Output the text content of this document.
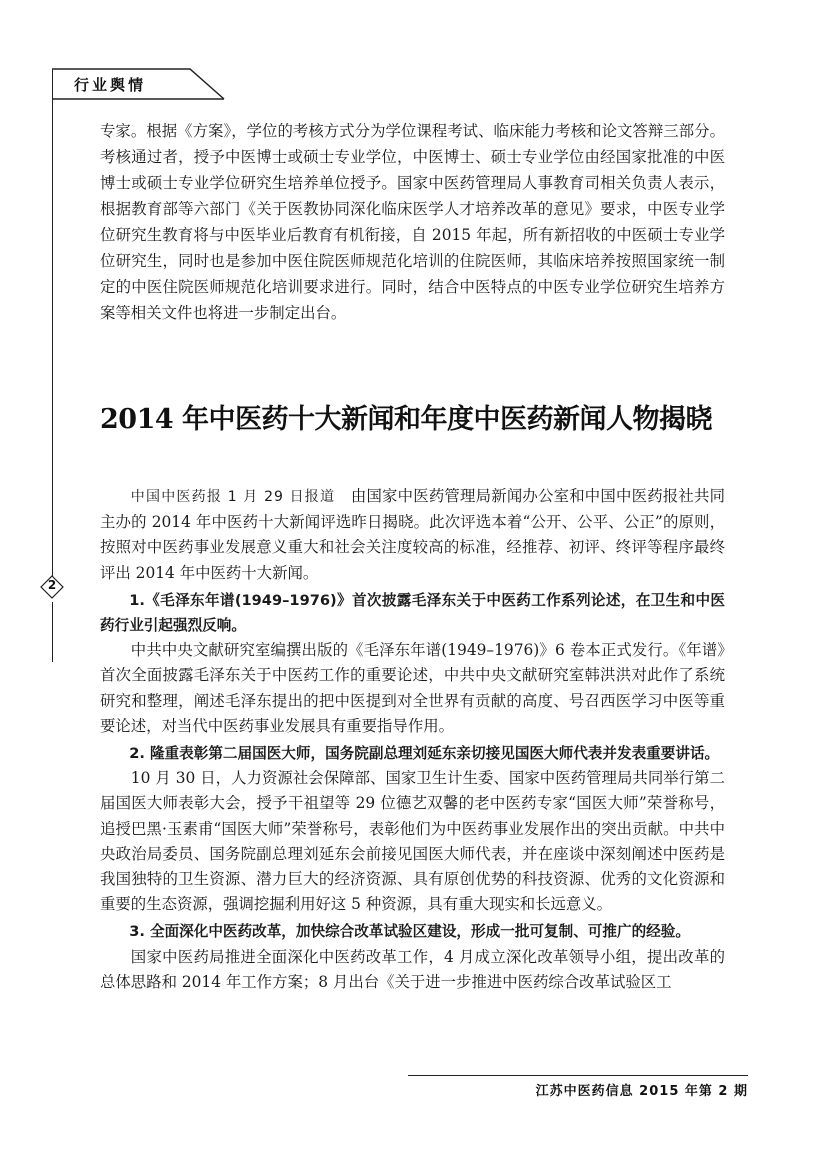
行业舆情
2
专家。根据《方案》，学位的考核方式分为学位课程考试、临床能力考核和论文答辩三部分。考核通过者，授予中医博士或硕士专业学位，中医博士、硕士专业学位由经国家批准的中医博士或硕士专业学位研究生培养单位授予。国家中医药管理局人事教育司相关负责人表示，根据教育部等六部门《关于医教协同深化临床医学人才培养改革的意见》要求，中医专业学位研究生教育将与中医毕业后教育有机衔接，自 2015 年起，所有新招收的中医硕士专业学位研究生，同时也是参加中医住院医师规范化培训的住院医师，其临床培养按照国家统一制定的中医住院医师规范化培训要求进行。同时，结合中医特点的中医专业学位研究生培养方案等相关文件也将进一步制定出台。
2014 年中医药十大新闻和年度中医药新闻人物揭晓

中国中医药报 1 月 29 日报道　 由国家中医药管理局新闻办公室和中国中医药报社共同主办的 2014 年中医药十大新闻评选昨日揭晓。此次评选本着“公开、公平、公正”的原则，按照对中医药事业发展意义重大和社会关注度较高的标准，经推荐、初评、终评等程序最终评出 2014 年中医药十大新闻。

1.《毛泽东年谱(1949–1976)》首次披露毛泽东关于中医药工作系列论述，在卫生和中医药行业引起强烈反响。

中共中央文献研究室编撰出版的《毛泽东年谱(1949–1976)》6 卷本正式发行。《年谱》首次全面披露毛泽东关于中医药工作的重要论述，中共中央文献研究室韩洪洪对此作了系统研究和整理，阐述毛泽东提出的把中医提到对全世界有贡献的高度、号召西医学习中医等重要论述，对当代中医药事业发展具有重要指导作用。

2. 隆重表彰第二届国医大师，国务院副总理刘延东亲切接见国医大师代表并发表重要讲话。

10 月 30 日，人力资源社会保障部、国家卫生计生委、国家中医药管理局共同举行第二届国医大师表彰大会，授予干祖望等 29 位德艺双馨的老中医药专家“国医大师”荣誉称号，追授巴黑·玉素甫“国医大师”荣誉称号，表彰他们为中医药事业发展作出的突出贡献。中共中央政治局委员、国务院副总理刘延东会前接见国医大师代表，并在座谈中深刻阐述中医药是我国独特的卫生资源、潜力巨大的经济资源、具有原创优势的科技资源、优秀的文化资源和重要的生态资源，强调挖掘利用好这 5 种资源，具有重大现实和长远意义。

3. 全面深化中医药改革，加快综合改革试验区建设，形成一批可复制、可推广的经验。

国家中医药局推进全面深化中医药改革工作，4 月成立深化改革领导小组，提出改革的总体思路和 2014 年工作方案；8 月出台《关于进一步推进中医药综合改革试验区工

江苏中医药信息 2015 年第 2 期
